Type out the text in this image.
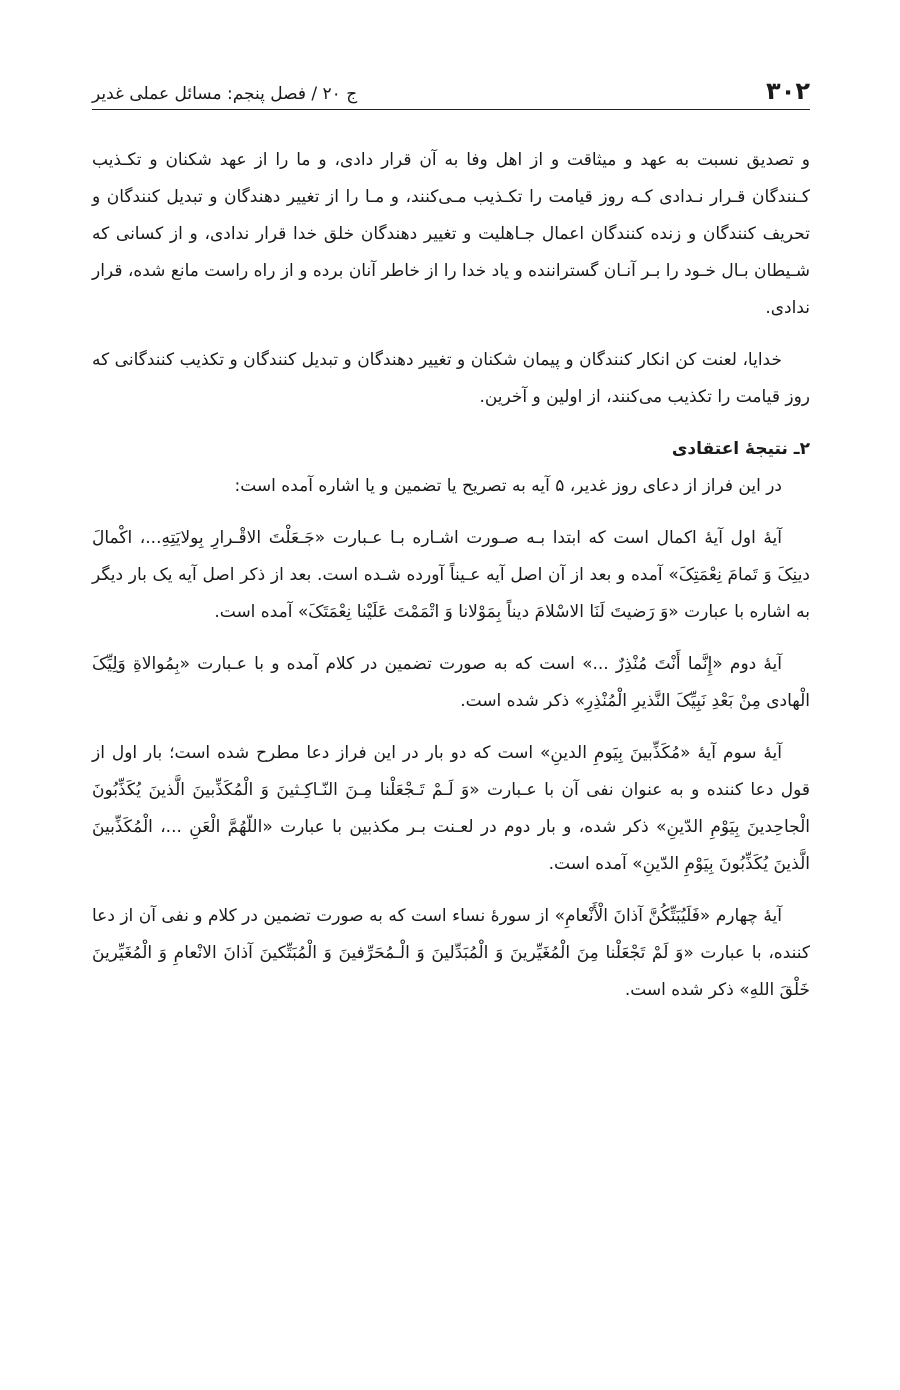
۳۰۲
ج ۲۰ / فصل پنجم: مسائل عملی غدیر

و تصدیق نسبت به عهد و میثاقت و از اهل وفا به آن قرار دادی، و ما را از عهد شکنان و تکـذیب کـنندگان قـرار نـدادی کـه روز قیامت را تکـذیب مـی‌کنند، و مـا را از تغییر دهندگان و تبدیل کنندگان و تحریف کنندگان و زنده کنندگان اعمال جـاهلیت و تغییر دهندگان خلق خدا قرار ندادی، و از کسانی که شـیطان بـال خـود را بـر آنـان گستراننده و یاد خدا را از خاطر آنان برده و از راه راست مانع شده، قرار ندادی.

خدایا، لعنت کن انکار کنندگان و پیمان شکنان و تغییر دهندگان و تبدیل کنندگان و تکذیب کنندگانی که روز قیامت را تکذیب می‌کنند، از اولین و آخرین.

۲ـ نتیجهٔ اعتقادی

در این فراز از دعای روز غدیر، ۵ آیه به تصریح یا تضمین و یا اشاره آمده است:

آیهٔ اول آیهٔ اکمال است که ابتدا بـه صـورت اشـاره بـا عـبارت «جَـعَلْتَ الاقْـرارِ بِولایَتِهِ...، اکْمالَ دینِکَ وَ تَمامَ نِعْمَتِکَ» آمده و بعد از آن اصل آیه عـیناً آورده شـده است. بعد از ذکر اصل آیه یک بار دیگر به اشاره با عبارت «وَ رَضیتَ لَنَا الاسْلامَ دیناً بِمَوْلانا وَ اتْمَمْتَ عَلَیْنا نِعْمَتَکَ» آمده است.

آیهٔ دوم «إِنَّما أَنْتَ مُنْذِرٌ ...» است که به صورت تضمین در کلام آمده و با عـبارت «بِمُوالاةِ وَلِیِّکَ الْهادی مِنْ بَعْدِ نَبِیِّکَ النَّذیرِ الْمُنْذِرِ» ذکر شده است.

آیهٔ سوم آیهٔ «مُکَذِّبینَ بِیَومِ الدینِ» است که دو بار در این فراز دعا مطرح شده است؛ بار اول از قول دعا کننده و به عنوان نفی آن با عـبارت «وَ لَـمْ تَـجْعَلْنا مِـنَ النّـاکِـثینَ وَ الْمُکَذِّبینَ الَّذینَ یُکَذِّبُونَ الْجاحِدینَ بِیَوْمِ الدّینِ» ذکر شده، و بار دوم در لعـنت بـر مکذبین با عبارت «اللّهُمَّ الْعَنِ ...، الْمُکَذِّبینَ الَّذینَ یُکَذِّبُونَ بِیَوْمِ الدّینِ» آمده است.

آیهٔ چهارم «فَلَیُبَتِّکُنَّ آذانَ الْأَنْعامِ» از سورهٔ نساء است که به صورت تضمین در کلام و نفی آن از دعا کننده، با عبارت «وَ لَمْ تَجْعَلْنا مِنَ الْمُغَیِّرینَ وَ الْمُبَدِّلینَ وَ الْـمُحَرِّفینَ وَ الْمُبَتِّکینَ آذانَ الانْعامِ وَ الْمُغَیِّرینَ خَلْقَ اللهِ» ذکر شده است.
